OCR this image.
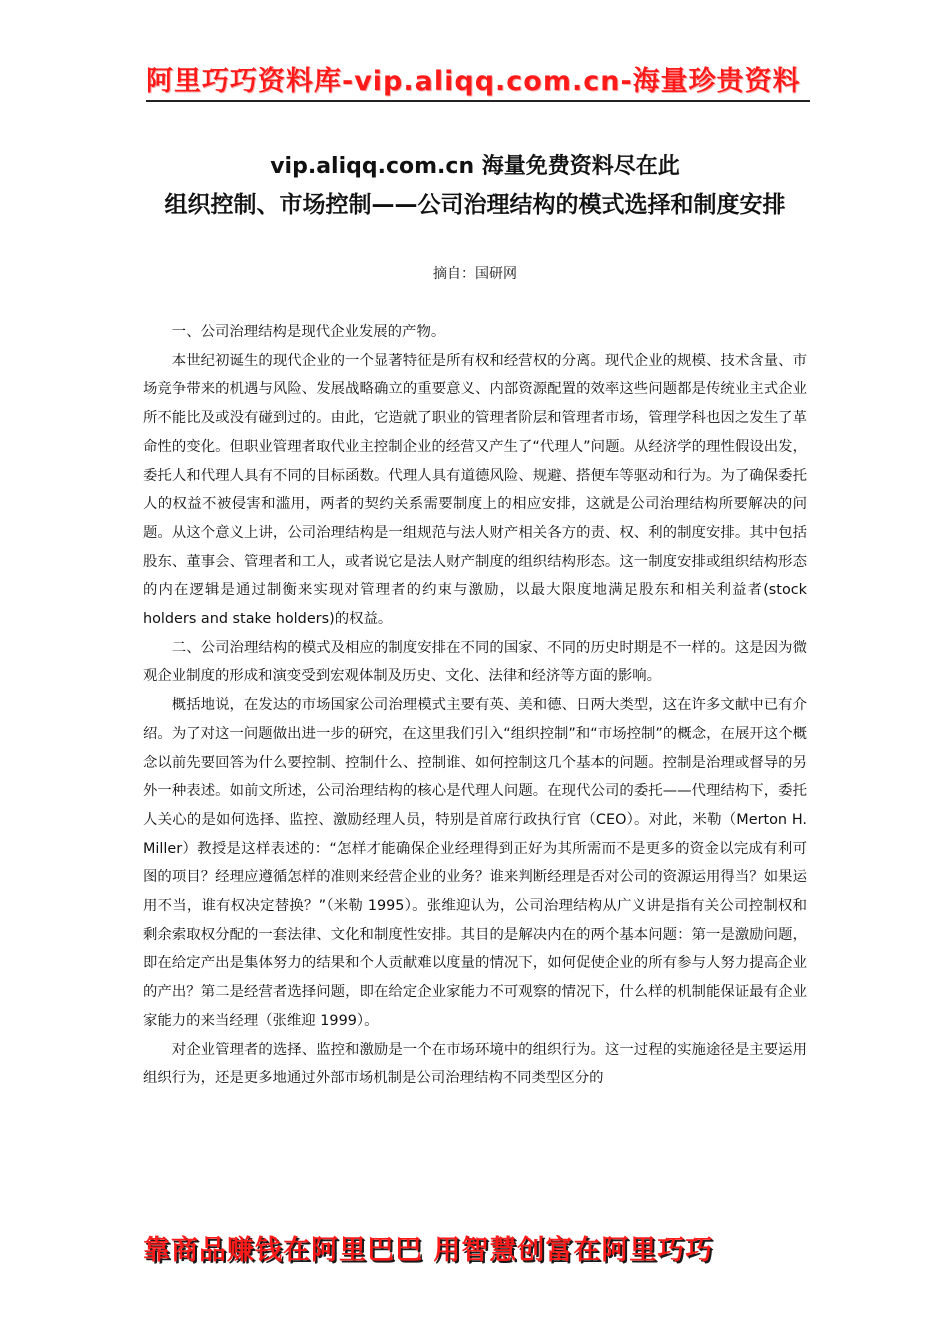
阿里巧巧资料库-vip.aliqq.com.cn-海量珍贵资料
vip.aliqq.com.cn 海量免费资料尽在此
组织控制、市场控制——公司治理结构的模式选择和制度安排
摘自：国研网

一、公司治理结构是现代企业发展的产物。

本世纪初诞生的现代企业的一个显著特征是所有权和经营权的分离。现代企业的规模、技术含量、市场竞争带来的机遇与风险、发展战略确立的重要意义、内部资源配置的效率这些问题都是传统业主式企业所不能比及或没有碰到过的。由此，它造就了职业的管理者阶层和管理者市场，管理学科也因之发生了革命性的变化。但职业管理者取代业主控制企业的经营又产生了“代理人”问题。从经济学的理性假设出发，委托人和代理人具有不同的目标函数。代理人具有道德风险、规避、搭便车等驱动和行为。为了确保委托人的权益不被侵害和滥用，两者的契约关系需要制度上的相应安排，这就是公司治理结构所要解决的问题。从这个意义上讲，公司治理结构是一组规范与法人财产相关各方的责、权、利的制度安排。其中包括股东、董事会、管理者和工人，或者说它是法人财产制度的组织结构形态。这一制度安排或组织结构形态的内在逻辑是通过制衡来实现对管理者的约束与激励，以最大限度地满足股东和相关利益者(stock holders and stake holders)的权益。

二、公司治理结构的模式及相应的制度安排在不同的国家、不同的历史时期是不一样的。这是因为微观企业制度的形成和演变受到宏观体制及历史、文化、法律和经济等方面的影响。

概括地说，在发达的市场国家公司治理模式主要有英、美和德、日两大类型，这在许多文献中已有介绍。为了对这一问题做出进一步的研究，在这里我们引入“组织控制”和“市场控制”的概念，在展开这个概念以前先要回答为什么要控制、控制什么、控制谁、如何控制这几个基本的问题。控制是治理或督导的另外一种表述。如前文所述，公司治理结构的核心是代理人问题。在现代公司的委托——代理结构下，委托人关心的是如何选择、监控、激励经理人员，特别是首席行政执行官（CEO）。对此，米勒（Merton H. Miller）教授是这样表述的：“怎样才能确保企业经理得到正好为其所需而不是更多的资金以完成有利可图的项目？经理应遵循怎样的准则来经营企业的业务？谁来判断经理是否对公司的资源运用得当？如果运用不当，谁有权决定替换？”（米勒 1995）。张维迎认为，公司治理结构从广义讲是指有关公司控制权和剩余索取权分配的一套法律、文化和制度性安排。其目的是解决内在的两个基本问题：第一是激励问题，即在给定产出是集体努力的结果和个人贡献难以度量的情况下，如何促使企业的所有参与人努力提高企业的产出？第二是经营者选择问题，即在给定企业家能力不可观察的情况下，什么样的机制能保证最有企业家能力的来当经理（张维迎 1999）。

对企业管理者的选择、监控和激励是一个在市场环境中的组织行为。这一过程的实施途径是主要运用组织行为，还是更多地通过外部市场机制是公司治理结构不同类型区分的

靠商品赚钱在阿里巴巴 用智慧创富在阿里巧巧
